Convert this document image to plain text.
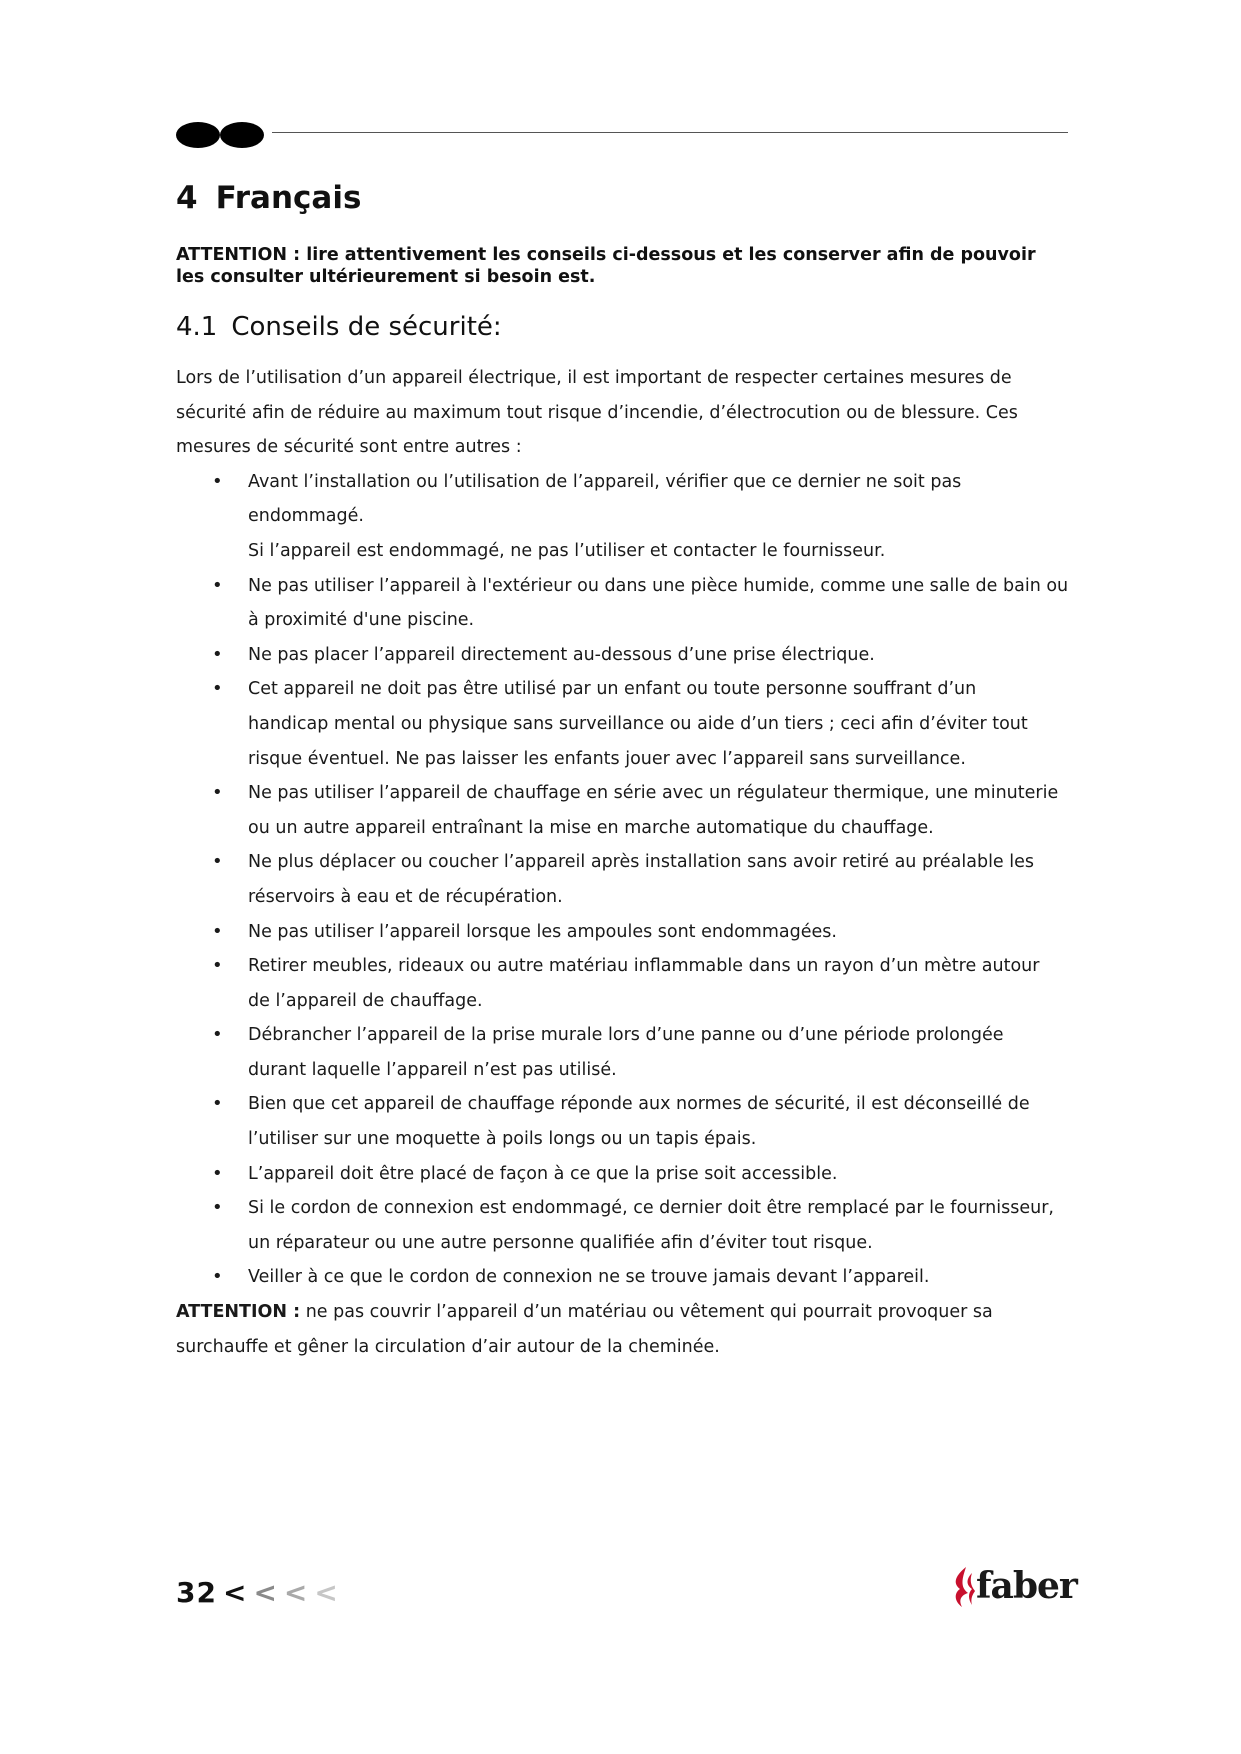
4 Français

ATTENTION : lire attentivement les conseils ci-dessous et les conserver afin de pouvoir les consulter ultérieurement si besoin est.

4.1 Conseils de sécurité:

Lors de l’utilisation d’un appareil électrique, il est important de respecter certaines mesures de
sécurité afin de réduire au maximum tout risque d’incendie, d’électrocution ou de blessure. Ces
mesures de sécurité sont entre autres :

• Avant l’installation ou l’utilisation de l’appareil, vérifier que ce dernier ne soit pas
endommagé.
Si l’appareil est endommagé, ne pas l’utiliser et contacter le fournisseur.
• Ne pas utiliser l’appareil à l'extérieur ou dans une pièce humide, comme une salle de bain ou
à proximité d'une piscine.
• Ne pas placer l’appareil directement au-dessous d’une prise électrique.
• Cet appareil ne doit pas être utilisé par un enfant ou toute personne souffrant d’un
handicap mental ou physique sans surveillance ou aide d’un tiers ; ceci afin d’éviter tout
risque éventuel. Ne pas laisser les enfants jouer avec l’appareil sans surveillance.
• Ne pas utiliser l’appareil de chauffage en série avec un régulateur thermique, une minuterie
ou un autre appareil entraînant la mise en marche automatique du chauffage.
• Ne plus déplacer ou coucher l’appareil après installation sans avoir retiré au préalable les
réservoirs à eau et de récupération.
• Ne pas utiliser l’appareil lorsque les ampoules sont endommagées.
• Retirer meubles, rideaux ou autre matériau inflammable dans un rayon d’un mètre autour
de l’appareil de chauffage.
• Débrancher l’appareil de la prise murale lors d’une panne ou d’une période prolongée
durant laquelle l’appareil n’est pas utilisé.
• Bien que cet appareil de chauffage réponde aux normes de sécurité, il est déconseillé de
l’utiliser sur une moquette à poils longs ou un tapis épais.
• L’appareil doit être placé de façon à ce que la prise soit accessible.
• Si le cordon de connexion est endommagé, ce dernier doit être remplacé par le fournisseur,
un réparateur ou une autre personne qualifiée afin d’éviter tout risque.
• Veiller à ce que le cordon de connexion ne se trouve jamais devant l’appareil.

ATTENTION : ne pas couvrir l’appareil d’un matériau ou vêtement qui pourrait provoquer sa
surchauffe et gêner la circulation d’air autour de la cheminée.

32 < < < <	faber
